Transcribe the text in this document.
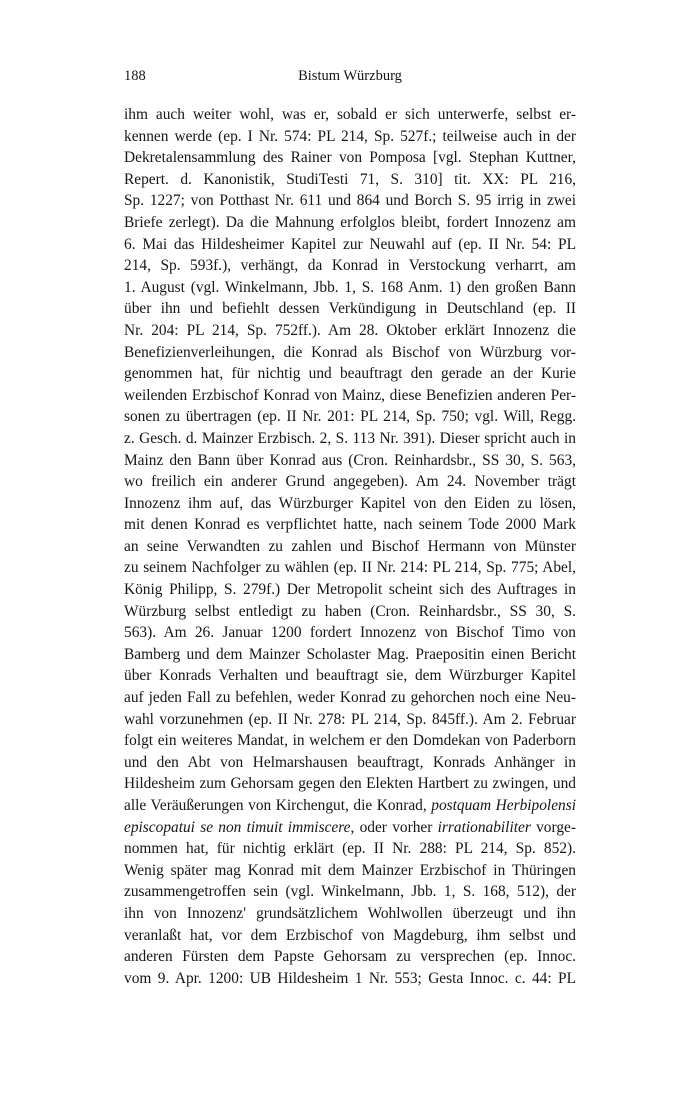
188	Bistum Würzburg
ihm auch weiter wohl, was er, sobald er sich unterwerfe, selbst er-
kennen werde (ep. I Nr. 574: PL 214, Sp. 527f.; teilweise auch in der
Dekretalensammlung des Rainer von Pomposa [vgl. Stephan Kuttner,
Repert. d. Kanonistik, StudiTesti 71, S. 310] tit. XX: PL 216,
Sp. 1227; von Potthast Nr. 611 und 864 und Borch S. 95 irrig in zwei
Briefe zerlegt). Da die Mahnung erfolglos bleibt, fordert Innozenz am
6. Mai das Hildesheimer Kapitel zur Neuwahl auf (ep. II Nr. 54: PL
214, Sp. 593f.), verhängt, da Konrad in Verstockung verharrt, am
1. August (vgl. Winkelmann, Jbb. 1, S. 168 Anm. 1) den großen Bann
über ihn und befiehlt dessen Verkündigung in Deutschland (ep. II
Nr. 204: PL 214, Sp. 752ff.). Am 28. Oktober erklärt Innozenz die
Benefizienverleihungen, die Konrad als Bischof von Würzburg vor-
genommen hat, für nichtig und beauftragt den gerade an der Kurie
weilenden Erzbischof Konrad von Mainz, diese Benefizien anderen Per-
sonen zu übertragen (ep. II Nr. 201: PL 214, Sp. 750; vgl. Will, Regg.
z. Gesch. d. Mainzer Erzbisch. 2, S. 113 Nr. 391). Dieser spricht auch in
Mainz den Bann über Konrad aus (Cron. Reinhardsbr., SS 30, S. 563,
wo freilich ein anderer Grund angegeben). Am 24. November trägt
Innozenz ihm auf, das Würzburger Kapitel von den Eiden zu lösen,
mit denen Konrad es verpflichtet hatte, nach seinem Tode 2000 Mark
an seine Verwandten zu zahlen und Bischof Hermann von Münster
zu seinem Nachfolger zu wählen (ep. II Nr. 214: PL 214, Sp. 775; Abel,
König Philipp, S. 279f.) Der Metropolit scheint sich des Auftrages in
Würzburg selbst entledigt zu haben (Cron. Reinhardsbr., SS 30, S.
563). Am 26. Januar 1200 fordert Innozenz von Bischof Timo von
Bamberg und dem Mainzer Scholaster Mag. Praepositin einen Bericht
über Konrads Verhalten und beauftragt sie, dem Würzburger Kapitel
auf jeden Fall zu befehlen, weder Konrad zu gehorchen noch eine Neu-
wahl vorzunehmen (ep. II Nr. 278: PL 214, Sp. 845ff.). Am 2. Februar
folgt ein weiteres Mandat, in welchem er den Domdekan von Paderborn
und den Abt von Helmarshausen beauftragt, Konrads Anhänger in
Hildesheim zum Gehorsam gegen den Elekten Hartbert zu zwingen, und
alle Veräußerungen von Kirchengut, die Konrad, postquam Herbipolensi
episcopatui se non timuit immiscere, oder vorher irrationabiliter vorge-
nommen hat, für nichtig erklärt (ep. II Nr. 288: PL 214, Sp. 852).
Wenig später mag Konrad mit dem Mainzer Erzbischof in Thüringen
zusammengetroffen sein (vgl. Winkelmann, Jbb. 1, S. 168, 512), der
ihn von Innozenz' grundsätzlichem Wohlwollen überzeugt und ihn
veranlaßt hat, vor dem Erzbischof von Magdeburg, ihm selbst und
anderen Fürsten dem Papste Gehorsam zu versprechen (ep. Innoc.
vom 9. Apr. 1200: UB Hildesheim 1 Nr. 553; Gesta Innoc. c. 44: PL
